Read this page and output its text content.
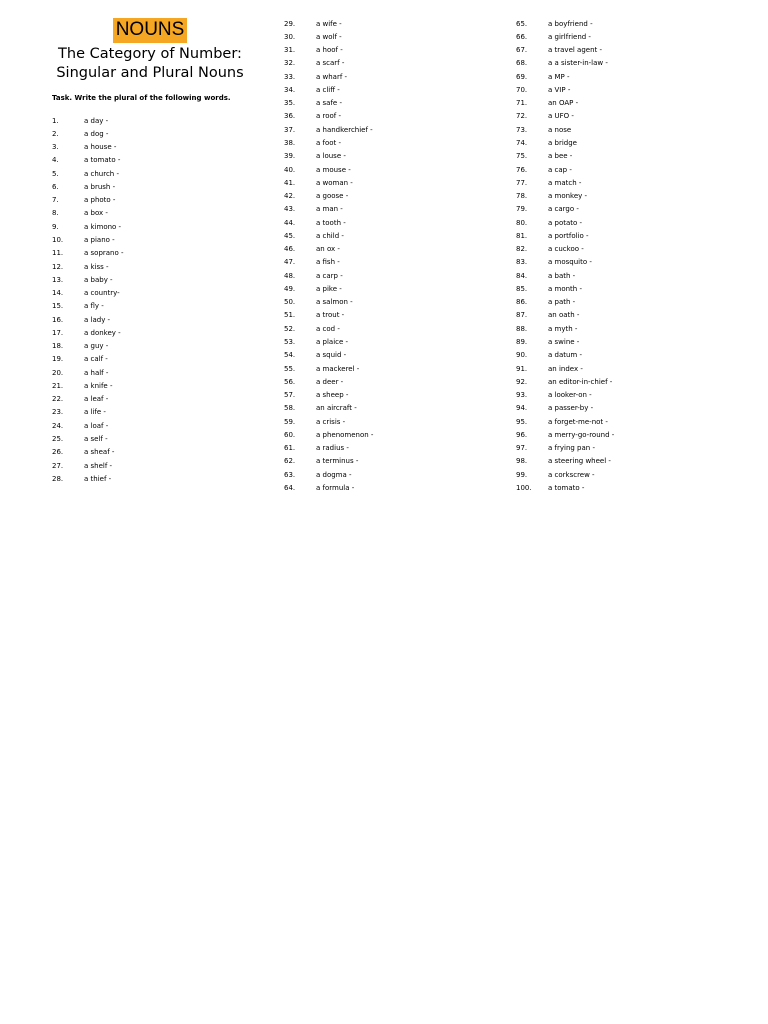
NOUNS
The Category of Number:
Singular and Plural Nouns
Task. Write the plural of the following words.
1.	a day -
2.	a dog -
3.	a house -
4.	a tomato -
5.	a church -
6.	a brush -
7.	a photo -
8.	a box -
9.	a kimono -
10.	a piano -
11.	a soprano -
12.	a kiss -
13.	a baby -
14.	a country-
15.	a fly -
16.	a lady -
17.	a donkey -
18.	a guy -
19.	a calf -
20.	a half -
21.	a knife -
22.	a leaf -
23.	a life -
24.	a loaf -
25.	a self -
26.	a sheaf -
27.	a shelf -
28.	a thief -
29.	a wife -
30.	a wolf -
31.	a hoof -
32.	a scarf -
33.	a wharf -
34.	a cliff -
35.	a safe -
36.	a roof -
37.	a handkerchief -
38.	a foot -
39.	a louse -
40.	a mouse -
41.	a woman -
42.	a goose -
43.	a man -
44.	a tooth -
45.	a child -
46.	an ox -
47.	a fish -
48.	a carp -
49.	a pike -
50.	a salmon -
51.	a trout -
52.	a cod -
53.	a plaice -
54.	a squid -
55.	a mackerel -
56.	a deer -
57.	a sheep -
58.	an aircraft -
59.	a crisis -
60.	a phenomenon -
61.	a radius -
62.	a terminus -
63.	a dogma -
64.	a formula -
65.	a boyfriend -
66.	a girlfriend -
67.	a travel agent -
68.	a a sister-in-law -
69.	a MP -
70.	a VIP -
71.	an OAP -
72.	a UFO -
73.	a nose
74.	a bridge
75.	a bee -
76.	a cap -
77.	a match -
78.	a monkey -
79.	a cargo -
80.	a potato -
81.	a portfolio -
82.	a cuckoo -
83.	a mosquito -
84.	a bath -
85.	a month -
86.	a path -
87.	an oath -
88.	a myth -
89.	a swine -
90.	a datum -
91.	an index -
92.	an editor-in-chief -
93.	a looker-on -
94.	a passer-by -
95.	a forget-me-not -
96.	a merry-go-round -
97.	a frying pan -
98.	a steering wheel -
99.	a corkscrew -
100.	a tomato -
